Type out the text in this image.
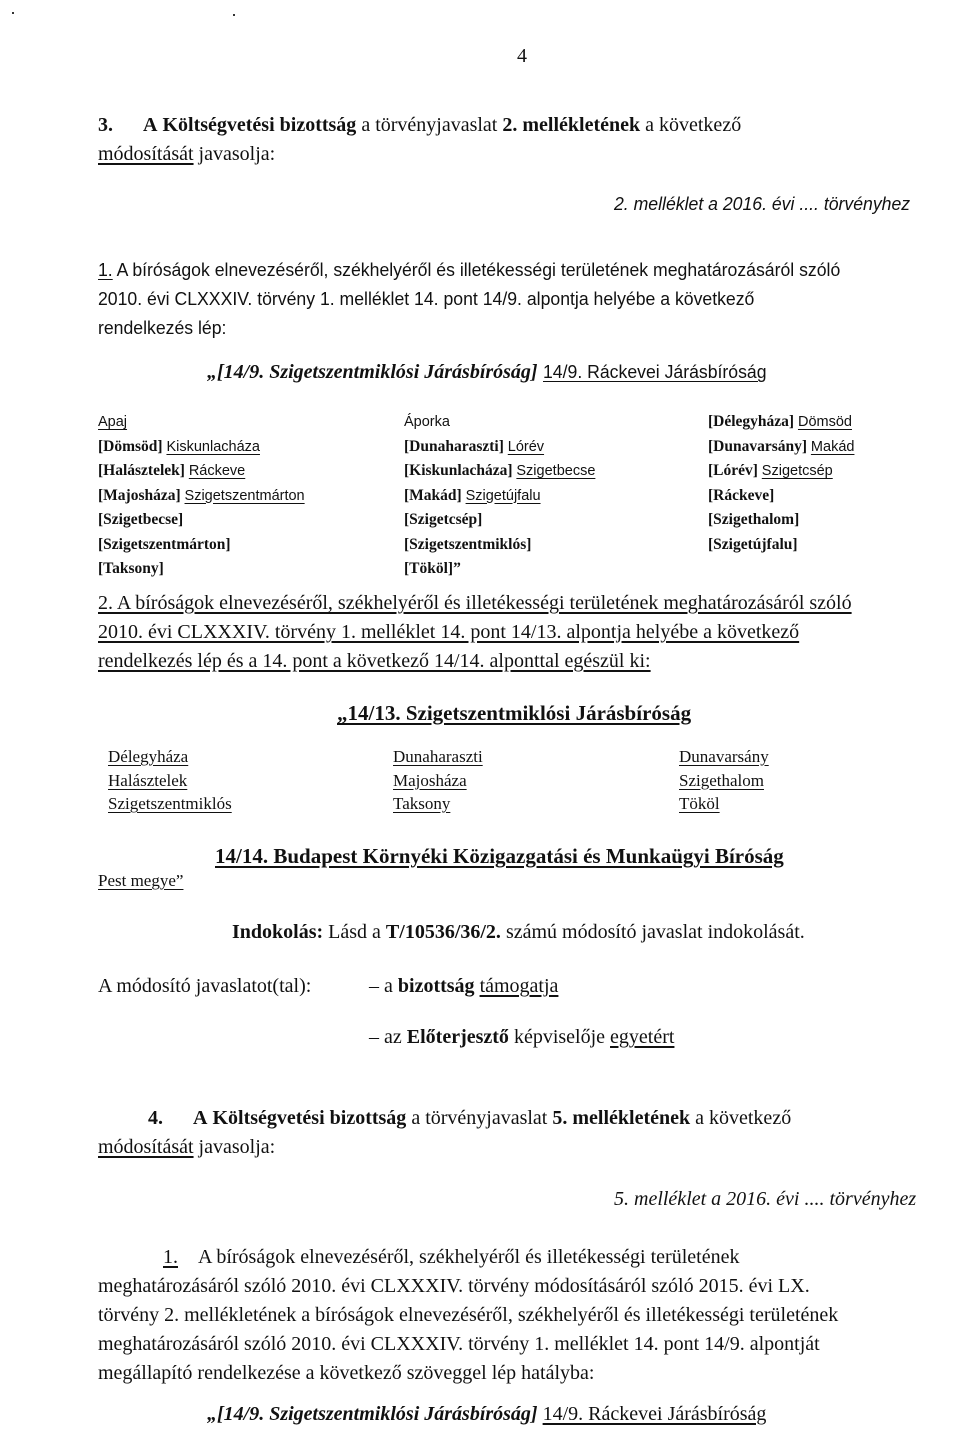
4
3. A Költségvetési bizottság a törvényjavaslat 2. mellékletének a következő
módosítását javasolja:
2. melléklet a 2016. évi .... törvényhez
1. A bíróságok elnevezéséről, székhelyéről és illetékességi területének meghatározásáról szóló
2010. évi CLXXXIV. törvény 1. melléklet 14. pont 14/9. alpontja helyébe a következő
rendelkezés lép:
„[14/9. Szigetszentmiklósi Járásbíróság] 14/9. Ráckevei Járásbíróság
Apaj
[Dömsöd] Kiskunlacháza
[Halásztelek] Ráckeve
[Majosháza] Szigetszentmárton
[Szigetbecse]
[Szigetszentmárton]
[Taksony]
Áporka
[Dunaharaszti] Lórév
[Kiskunlacháza] Szigetbecse
[Makád] Szigetújfalu
[Szigetcsép]
[Szigetszentmiklós]
[Tököl]”
[Délegyháza] Dömsöd
[Dunavarsány] Makád
[Lórév] Szigetcsép
[Ráckeve]
[Szigethalom]
[Szigetújfalu]
2. A bíróságok elnevezéséről, székhelyéről és illetékességi területének meghatározásáról szóló
2010. évi CLXXXIV. törvény 1. melléklet 14. pont 14/13. alpontja helyébe a következő
rendelkezés lép és a 14. pont a következő 14/14. alponttal egészül ki:
„14/13. Szigetszentmiklósi Járásbíróság
Délegyháza
Halásztelek
Szigetszentmiklós
Dunaharaszti
Majosháza
Taksony
Dunavarsány
Szigethalom
Tököl
14/14. Budapest Környéki Közigazgatási és Munkaügyi Bíróság
Pest megye”
Indokolás: Lásd a T/10536/36/2. számú módosító javaslat indokolását.
A módosító javaslatot(tal):	– a bizottság támogatja
– az Előterjesztő képviselője egyetért
4. A Költségvetési bizottság a törvényjavaslat 5. mellékletének a következő
módosítását javasolja:
5. melléklet a 2016. évi .... törvényhez
1. A bíróságok elnevezéséről, székhelyéről és illetékességi területének
meghatározásáról szóló 2010. évi CLXXXIV. törvény módosításáról szóló 2015. évi LX.
törvény 2. mellékletének a bíróságok elnevezéséről, székhelyéről és illetékességi területének
meghatározásáról szóló 2010. évi CLXXXIV. törvény 1. melléklet 14. pont 14/9. alpontját
megállapító rendelkezése a következő szöveggel lép hatályba:
„[14/9. Szigetszentmiklósi Járásbíróság] 14/9. Ráckevei Járásbíróság
